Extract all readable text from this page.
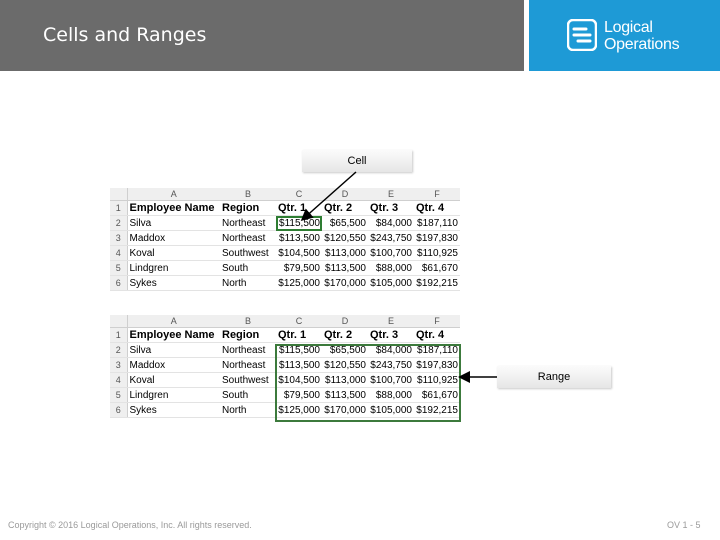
Cells and Ranges	Logical
Operations
Cell
Range
	A	B	C	D	E	F
1	Employee Name	Region	Qtr. 1	Qtr. 2	Qtr. 3	Qtr. 4
2	Silva	Northeast	$115,500	$65,500	$84,000	$187,110
3	Maddox	Northeast	$113,500	$120,550	$243,750	$197,830
4	Koval	Southwest	$104,500	$113,000	$100,700	$110,925
5	Lindgren	South	$79,500	$113,500	$88,000	$61,670
6	Sykes	North	$125,000	$170,000	$105,000	$192,215
	A	B	C	D	E	F
1	Employee Name	Region	Qtr. 1	Qtr. 2	Qtr. 3	Qtr. 4
2	Silva	Northeast	$115,500	$65,500	$84,000	$187,110
3	Maddox	Northeast	$113,500	$120,550	$243,750	$197,830
4	Koval	Southwest	$104,500	$113,000	$100,700	$110,925
5	Lindgren	South	$79,500	$113,500	$88,000	$61,670
6	Sykes	North	$125,000	$170,000	$105,000	$192,215
Copyright © 2016 Logical Operations, Inc. All rights reserved.	OV 1 - 5
